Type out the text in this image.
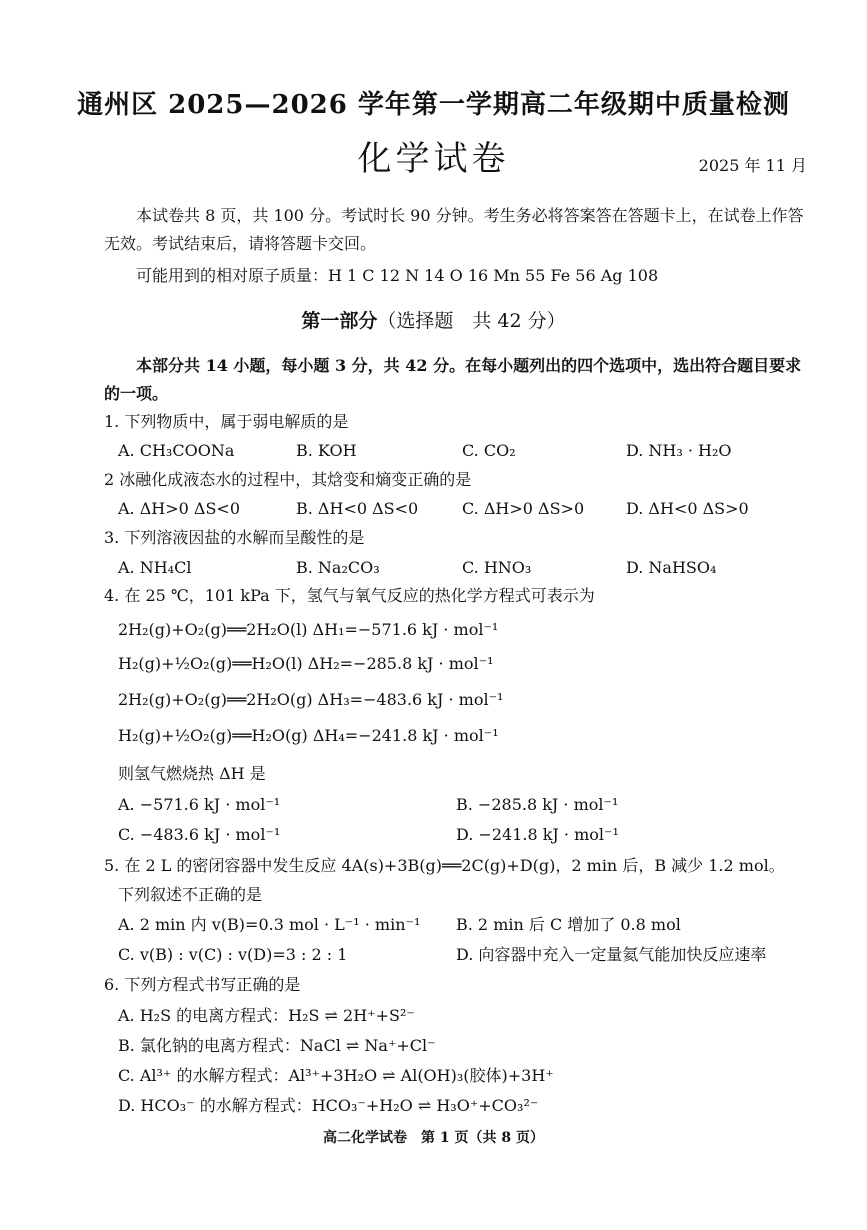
通州区 2025—2026 学年第一学期高二年级期中质量检测
化学试卷	2025 年 11 月
本试卷共 8 页，共 100 分。考试时长 90 分钟。考生务必将答案答在答题卡上，在试卷上作答无效。考试结束后，请将答题卡交回。
可能用到的相对原子质量：H 1 C 12 N 14 O 16 Mn 55 Fe 56 Ag 108
第一部分（选择题　共 42 分）
本部分共 14 小题，每小题 3 分，共 42 分。在每小题列出的四个选项中，选出符合题目要求的一项。
1. 下列物质中，属于弱电解质的是
A. CH₃COONa	B. KOH	C. CO₂	D. NH₃ · H₂O
2 冰融化成液态水的过程中，其焓变和熵变正确的是
A. ΔH>0 ΔS<0	B. ΔH<0 ΔS<0	C. ΔH>0 ΔS>0	D. ΔH<0 ΔS>0
3. 下列溶液因盐的水解而呈酸性的是
A. NH₄Cl	B. Na₂CO₃	C. HNO₃	D. NaHSO₄
4. 在 25 ℃，101 kPa 下，氢气与氧气反应的热化学方程式可表示为
2H₂(g)+O₂(g)══2H₂O(l) ΔH₁=−571.6 kJ · mol⁻¹
H₂(g)+½O₂(g)══H₂O(l) ΔH₂=−285.8 kJ · mol⁻¹
2H₂(g)+O₂(g)══2H₂O(g) ΔH₃=−483.6 kJ · mol⁻¹
H₂(g)+½O₂(g)══H₂O(g) ΔH₄=−241.8 kJ · mol⁻¹
则氢气燃烧热 ΔH 是
A. −571.6 kJ · mol⁻¹	B. −285.8 kJ · mol⁻¹
C. −483.6 kJ · mol⁻¹	D. −241.8 kJ · mol⁻¹
5. 在 2 L 的密闭容器中发生反应 4A(s)+3B(g)══2C(g)+D(g)，2 min 后，B 减少 1.2 mol。
下列叙述不正确的是
A. 2 min 内 v(B)=0.3 mol · L⁻¹ · min⁻¹ B. 2 min 后 C 增加了 0.8 mol
C. v(B) : v(C) : v(D)=3 : 2 : 1	D. 向容器中充入一定量氦气能加快反应速率
6. 下列方程式书写正确的是
A. H₂S 的电离方程式：H₂S ⇌ 2H⁺+S²⁻
B. 氯化钠的电离方程式：NaCl ⇌ Na⁺+Cl⁻
C. Al³⁺ 的水解方程式：Al³⁺+3H₂O ⇌ Al(OH)₃(胶体)+3H⁺
D. HCO₃⁻ 的水解方程式：HCO₃⁻+H₂O ⇌ H₃O⁺+CO₃²⁻
高二化学试卷　第 1 页（共 8 页）
